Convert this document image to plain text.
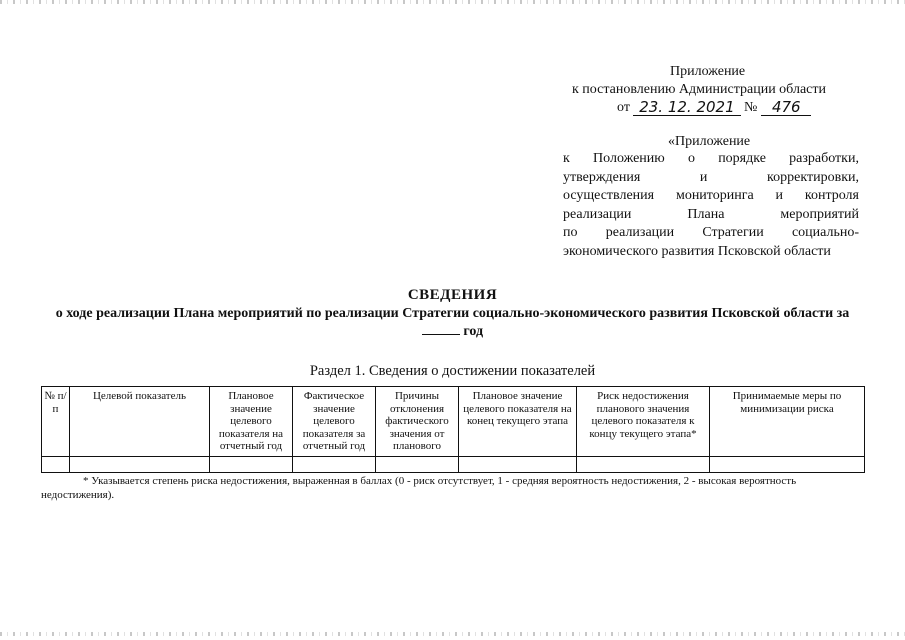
Приложение
к постановлению Администрации области
от 23. 12. 2021 № 476
«Приложение
к Положению о порядке разработки,
утверждения	и	корректировки,
осуществления мониторинга и контроля
реализации	Плана	мероприятий
по реализации Стратегии социально-
экономического развития Псковской области
СВЕДЕНИЯ
о ходе реализации Плана мероприятий по реализации Стратегии социально-экономического развития Псковской области за  год
Раздел 1. Сведения о достижении показателей
№ п/п	Целевой показатель	Плановое значение целевого показателя на отчетный год	Фактическое значение целевого показателя за отчетный год	Причины отклонения фактического значения от планового	Плановое значение целевого показателя на конец текущего этапа	Риск недостижения планового значения целевого показателя к концу текущего этапа*	Принимаемые меры по минимизации риска

* Указывается степень риска недостижения, выраженная в баллах (0 - риск отсутствует, 1 - средняя вероятность недостижения, 2 - высокая вероятность недостижения).
